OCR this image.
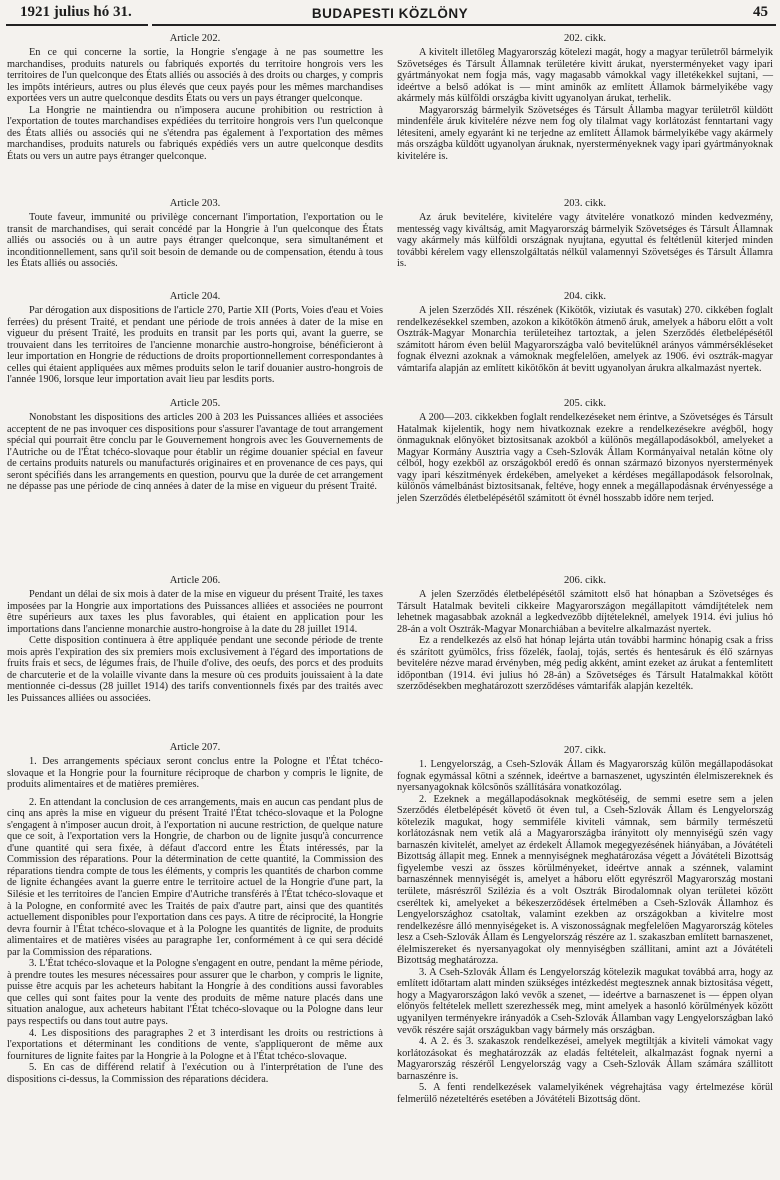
1921 julius hó 31.	BUDAPESTI KÖZLÖNY	45
Article 202.

En ce qui concerne la sortie, la Hongrie s'engage à ne pas soumettre les marchandises, produits naturels ou fabriqués exportés du territoire hongrois vers les territoires de l'un quelconque des États alliés ou associés à des droits ou charges, y compris les impôts intérieurs, autres ou plus élevés que ceux payés pour les mêmes marchandises exportées vers un autre quelconque desdits États ou vers un pays étranger quelconque.

La Hongrie ne maintiendra ou n'imposera aucune prohibition ou restriction à l'exportation de toutes marchandises expédiées du territoire hongrois vers l'un quelconque des États alliés ou associés qui ne s'étendra pas également à l'exportation des mêmes marchandises, produits naturels ou fabriqués expédiés vers un autre quelconque desdits États ou vers un autre pays étranger quelconque.

Article 203.

Toute faveur, immunité ou privilège concernant l'importation, l'exportation ou le transit de marchandises, qui serait concédé par la Hongrie à l'un quelconque des États alliés ou associés ou à un autre pays étranger quelconque, sera simultanément et inconditionnellement, sans qu'il soit besoin de demande ou de compensation, étendu à tous les États alliés ou associés.

Article 204.

Par dérogation aux dispositions de l'article 270, Partie XII (Ports, Voies d'eau et Voies ferrées) du présent Traité, et pendant une période de trois années à dater de la mise en vigueur du présent Traité, les produits en transit par les ports qui, avant la guerre, se trouvaient dans les territoires de l'ancienne monarchie austro-hongroise, bénéficieront à leur importation en Hongrie de réductions de droits proportionnellement correspondantes à celles qui étaient appliquées aux mêmes produits selon le tarif douanier austro-hongrois de l'année 1906, lorsque leur importation avait lieu par lesdits ports.

Article 205.

Nonobstant les dispositions des articles 200 à 203 les Puissances alliées et associées acceptent de ne pas invoquer ces dispositions pour s'assurer l'avantage de tout arrangement spécial qui pourrait être conclu par le Gouvernement hongrois avec les Gouvernements de l'Autriche ou de l'État tchéco-slovaque pour établir un régime douanier spécial en faveur de certains produits naturels ou manufacturés originaires et en provenance de ces pays, qui seront spécifiés dans les arrangements en question, pourvu que la durée de cet arrangement ne dépasse pas une période de cinq années à dater de la mise en vigueur du présent Traité.

Article 206.

Pendant un délai de six mois à dater de la mise en vigueur du présent Traité, les taxes imposées par la Hongrie aux importations des Puissances alliées et associées ne pourront être supérieurs aux taxes les plus favorables, qui étaient en application pour les importations dans l'ancienne monarchie austro-hongroise à la date du 28 juillet 1914.

Cette disposition continuera à être appliquée pendant une seconde période de trente mois après l'expiration des six premiers mois exclusivement à l'égard des importations de fruits frais et secs, de légumes frais, de l'huile d'olive, des oeufs, des porcs et des produits de charcuterie et de la volaille vivante dans la mesure où ces produits jouissaient à la date mentionnée ci-dessus (28 juillet 1914) des tarifs conventionnels fixés par des traités avec les Puissances alliées ou associées.

Article 207.

1. Des arrangements spéciaux seront conclus entre la Pologne et l'État tchéco-slovaque et la Hongrie pour la fourniture réciproque de charbon y compris le lignite, de produits alimentaires et de matières premières.

2. En attendant la conclusion de ces arrangements, mais en aucun cas pendant plus de cinq ans après la mise en vigueur du présent Traité l'État tchéco-slovaque et la Pologne s'engagent à n'imposer aucun droit, à l'exportation ni aucune restriction, de quelque nature que ce soit, à l'exportation vers la Hongrie, de charbon ou de lignite jusqu'à concurrence d'une quantité qui sera fixée, à défaut d'accord entre les États intéressés, par la Commission des réparations. Pour la détermination de cette quantité, la Commission des réparations tiendra compte de tous les éléments, y compris les quantités de charbon comme de lignite échangées avant la guerre entre le territoire actuel de la Hongrie d'une part, la Silésie et les territoires de l'ancien Empire d'Autriche transférés à l'État tchéco-slovaque et à la Pologne, en conformité avec les Traités de paix d'autre part, ainsi que des quantités actuellement disponibles pour l'exportation dans ces pays. A titre de réciprocité, la Hongrie devra fournir à l'État tchéco-slovaque et à la Pologne les quantités de lignite, de produits alimentaires et de matières visées au paragraphe 1er, conformément à ce qui sera décidé par la Commission des réparations.

3. L'État tchéco-slovaque et la Pologne s'engagent en outre, pendant la même période, à prendre toutes les mesures nécessaires pour assurer que le charbon, y compris le lignite, puisse être acquis par les acheteurs habitant la Hongrie à des conditions aussi favorables que celles qui sont faites pour la vente des produits de même nature placés dans une situation analogue, aux acheteurs habitant l'État tchéco-slovaque ou la Pologne dans leur pays respectifs ou dans tout autre pays.

4. Les dispositions des paragraphes 2 et 3 interdisant les droits ou restrictions à l'exportations et déterminant les conditions de vente, s'appliqueront de même aux fournitures de lignite faites par la Hongrie à la Pologne et à l'État tchéco-slovaque.

5. En cas de différend relatif à l'exécution ou à l'interprétation de l'une des dispositions ci-dessus, la Commission des réparations décidera.

202. cikk.

A kivitelt illetőleg Magyarország kötelezi magát, hogy a magyar területről bármelyik Szövetséges és Társult Államnak területére kivitt árukat, nyersterményeket vagy ipari gyártmányokat nem fogja más, vagy magasabb vámokkal vagy illetékekkel sujtani, — ideértve a belső adókat is — mint aminők az említett Államok bármelyikébe vagy akármely más külföldi országba kivitt ugyanolyan árukat, terhelik.

Magyarország bármelyik Szövetséges és Társult Államba magyar területről küldött mindenféle áruk kivitelére nézve nem fog oly tilalmat vagy korlátozást fenntartani vagy létesiteni, amely egyaránt ki ne terjedne az említett Államok bármelyikébe vagy akármely más országba küldött ugyanolyan áruknak, nyersterményeknek vagy ipari gyártmányoknak kivitelére is.

203. cikk.

Az áruk bevitelére, kivitelére vagy átvitelére vonatkozó minden kedvezmény, mentesség vagy kiváltság, amit Magyarország bármelyik Szövetséges és Társult Államnak vagy akármely más külföldi országnak nyujtana, egyuttal és feltétlenül kiterjed minden további kérelem vagy ellenszolgáltatás nélkül valamennyi Szövetséges és Társult Államra is.

204. cikk.

A jelen Szerződés XII. részének (Kikötők, viziutak és vasutak) 270. cikkében foglalt rendelkezésekkel szemben, azokon a kikötőkön átmenő áruk, amelyek a háboru előtt a volt Osztrák-Magyar Monarchia területeihez tartoztak, a jelen Szerződés életbelépésétől számitott három éven belül Magyarországba való bevitelüknél arányos vámmérsékléseket fognak élvezni azoknak a vámoknak megfelelően, amelyek az 1906. évi osztrák-magyar vámtarifa alapján az említett kikötőkön át bevitt ugyanolyan árukra alkalmazást nyertek.

205. cikk.

A 200—203. cikkekben foglalt rendelkezéseket nem érintve, a Szövetséges és Társult Hatalmak kijelentik, hogy nem hivatkoznak ezekre a rendelkezésekre avégből, hogy önmaguknak előnyöket biztositsanak azokból a különös megállapodásokból, amelyeket a Magyar Kormány Ausztria vagy a Cseh-Szlovák Állam Kormányaival netalán kötne oly célból, hogy ezekből az országokból eredő és onnan származó bizonyos nyerstermények vagy ipari készitmények érdekében, amelyeket a kérdéses megállapodások felsorolnak, különös vámelbánást biztositsanak, feltéve, hogy ennek a megállapodásnak érvényessége a jelen Szerződés életbelépésétől számitott öt évnél hosszabb időre nem terjed.

206. cikk.

A jelen Szerződés életbelépésétől számitott első hat hónapban a Szövetséges és Társult Hatalmak beviteli cikkeire Magyarországon megállapitott vámdíjtételek nem lehetnek magasabbak azoknál a legkedvezőbb díjtételeknél, amelyek 1914. évi julius hó 28-án a volt Osztrák-Magyar Monarchiában a bevitelre alkalmazást nyertek.

Ez a rendelkezés az első hat hónap lejárta után további harminc hónapig csak a friss és szárított gyümölcs, friss főzelék, faolaj, tojás, sertés és hentesáruk és élő szárnyas bevitelére nézve marad érvényben, még pedig akként, amint ezeket az árukat a fentemlitett időpontban (1914. évi julius hó 28-án) a Szövetséges és Társult Hatalmakkal kötött szerződésekben meghatározott szerződéses vámtarifák alapján kezelték.

207. cikk.

1. Lengyelország, a Cseh-Szlovák Állam és Magyarország külön megállapodásokat fognak egymással kötni a szénnek, ideértve a barnaszenet, ugyszintén élelmiszereknek és nyersanyagoknak kölcsönös szállítására vonatkozólag.

2. Ezeknek a megállapodásoknak megkötéséig, de semmi esetre sem a jelen Szerződés életbelépését követő öt éven tul, a Cseh-Szlovák Állam és Lengyelország kötelezik magukat, hogy semmiféle kiviteli vámnak, sem bármily természetü korlátozásnak nem vetik alá a Magyarországba irányitott oly mennyiségü szén vagy barnaszén kivitelét, amelyet az érdekelt Államok megegyezésének hiányában, a Jóvátételi Bizottság állapit meg. Ennek a mennyiségnek meghatározása végett a Jóvátételi Bizottság figyelembe veszi az összes körülményeket, ideértve annak a szénnek, valamint barnaszénnek mennyiségét is, amelyet a háboru előtt egyrészről Magyarország mostani területe, másrészről Szilézia és a volt Osztrák Birodalomnak olyan területei között cseréltek ki, amelyeket a békeszerződések értelmében a Cseh-Szlovák Államhoz és Lengyelországhoz csatoltak, valamint ezekben az országokban a kivitelre most rendelkezésre álló mennyiségeket is. A viszonosságnak megfelelően Magyarország köteles lesz a Cseh-Szlovák Állam és Lengyelország részére az 1. szakaszban említett barnaszenet, élelmiszereket és nyersanyagokat oly mennyiségben szállitani, amint azt a Jóvátételi Bizottság meghatározza.

3. A Cseh-Szlovák Állam és Lengyelország kötelezik magukat továbbá arra, hogy az említett időtartam alatt minden szükséges intézkedést megtesznek annak biztositása végett, hogy a Magyarországon lakó vevők a szenet, — ideértve a barnaszenet is — éppen olyan előnyös feltételek mellett szerezhessék meg, mint amelyek a hasonló körülmények között ugyanilyen terményekre irányadók a Cseh-Szlovák Államban vagy Lengyelországban lakó vevők részére saját országukban vagy bármely más országban.

4. A 2. és 3. szakaszok rendelkezései, amelyek megtiltják a kiviteli vámokat vagy korlátozásokat és meghatározzák az eladás feltételeit, alkalmazást fognak nyerni a Magyarország részéről Lengyelország vagy a Cseh-Szlovák Állam számára szállitott barnaszénre is.

5. A fenti rendelkezések valamelyikének végrehajtása vagy értelmezése körül felmerülő nézeteltérés esetében a Jóvátételi Bizottság dönt.
